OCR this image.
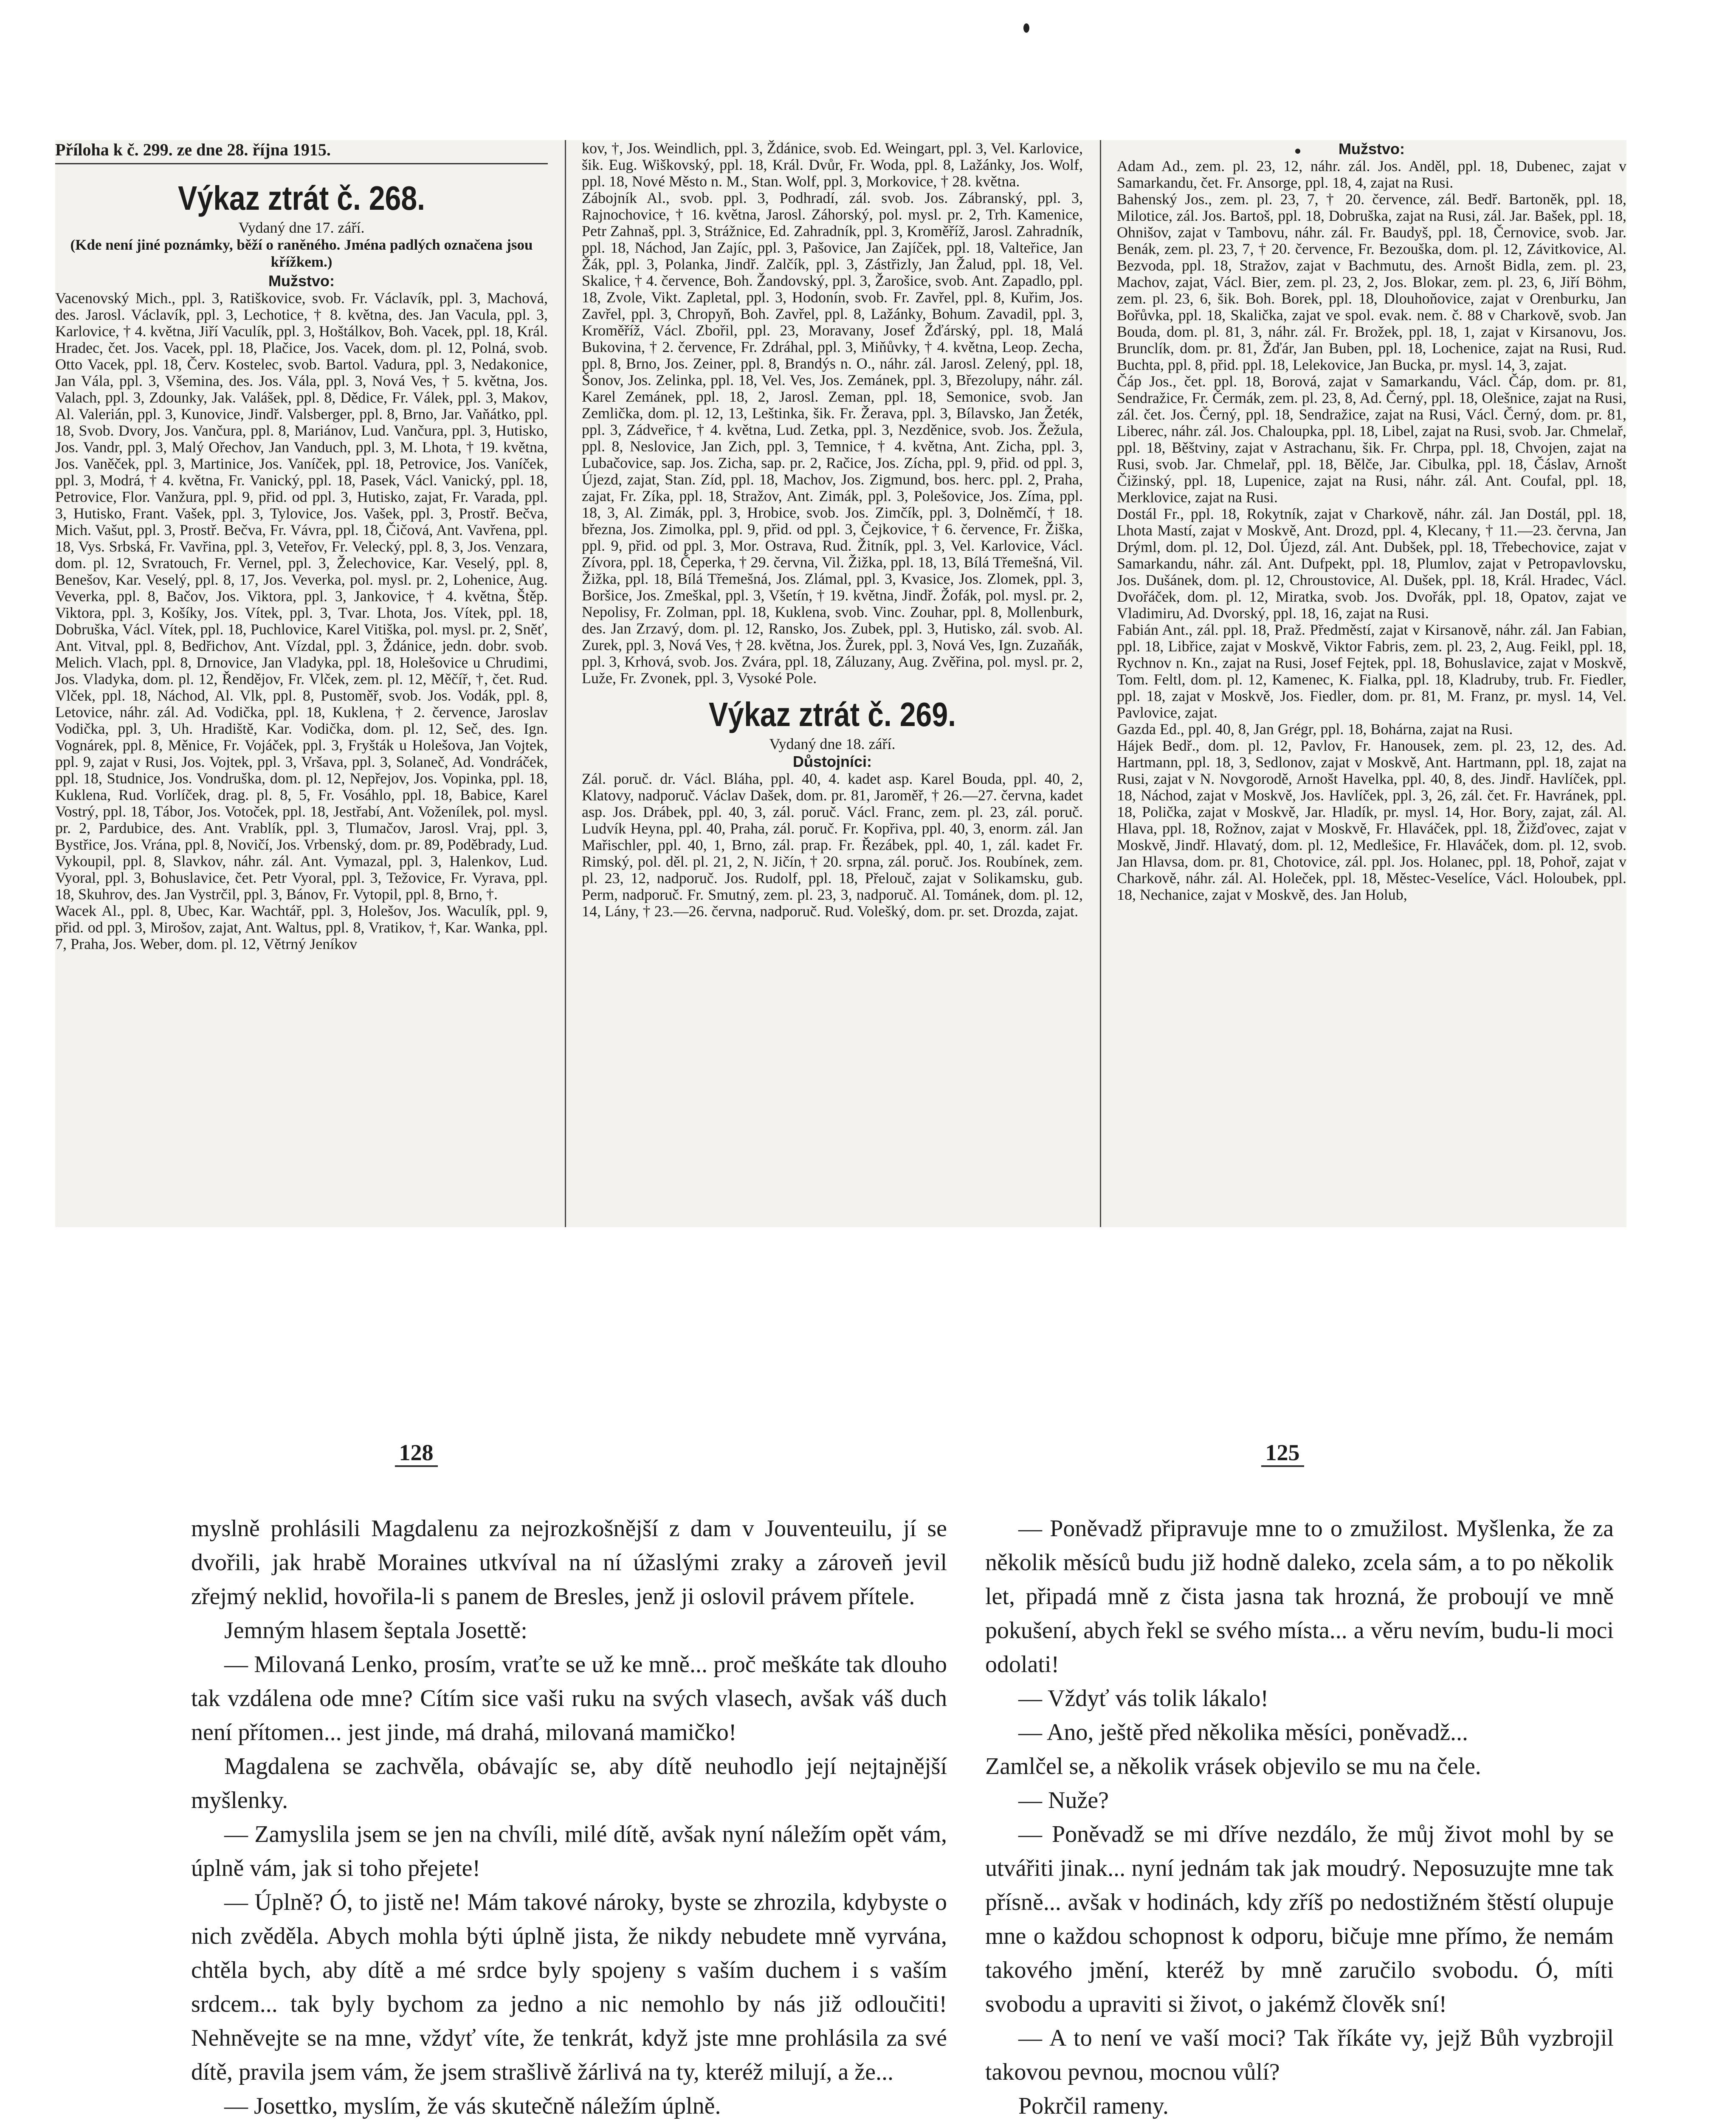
Příloha k č. 299. ze dne 28. října 1915.
Výkaz ztrát č. 268.
Vydaný dne 17. září.
(Kde není jiné poznámky, běží o raněného. Jména padlých označena jsou křížkem.)
Mužstvo:

Vacenovský Mich., ppl. 3, Ratiškovice, svob. Fr. Václavík, ppl. 3, Machová, des. Jarosl. Václavík, ppl. 3, Lechotice, † 8. května, des. Jan Vacula, ppl. 3, Karlovice, † 4. května, Jiří Vaculík, ppl. 3, Hoštálkov, Boh. Vacek, ppl. 18, Král. Hradec, čet. Jos. Vacek, ppl. 18, Plačice, Jos. Vacek, dom. pl. 12, Polná, svob. Otto Vacek, ppl. 18, Červ. Kostelec, svob. Bartol. Vadura, ppl. 3, Nedakonice, Jan Vála, ppl. 3, Všemina, des. Jos. Vála, ppl. 3, Nová Ves, † 5. května, Jos. Valach, ppl. 3, Zdounky, Jak. Valášek, ppl. 8, Dědice, Fr. Válek, ppl. 3, Makov, Al. Valerián, ppl. 3, Kunovice, Jindř. Valsberger, ppl. 8, Brno, Jar. Vaňátko, ppl. 18, Svob. Dvory, Jos. Vančura, ppl. 8, Mariánov, Lud. Vančura, ppl. 3, Hutisko, Jos. Vandr, ppl. 3, Malý Ořechov, Jan Vanduch, ppl. 3, M. Lhota, † 19. května, Jos. Vaněček, ppl. 3, Martinice, Jos. Vaníček, ppl. 18, Petrovice, Jos. Vaníček, ppl. 3, Modrá, † 4. května, Fr. Vanický, ppl. 18, Pasek, Václ. Vanický, ppl. 18, Petrovice, Flor. Vanžura, ppl. 9, přid. od ppl. 3, Hutisko, zajat, Fr. Varada, ppl. 3, Hutisko, Frant. Vašek, ppl. 3, Tylovice, Jos. Vašek, ppl. 3, Prostř. Bečva, Mich. Vašut, ppl. 3, Prostř. Bečva, Fr. Vávra, ppl. 18, Čičová, Ant. Vavřena, ppl. 18, Vys. Srbská, Fr. Vavřina, ppl. 3, Veteřov, Fr. Velecký, ppl. 8, 3, Jos. Venzara, dom. pl. 12, Svratouch, Fr. Vernel, ppl. 3, Želechovice, Kar. Veselý, ppl. 8, Benešov, Kar. Veselý, ppl. 8, 17, Jos. Veverka, pol. mysl. pr. 2, Lohenice, Aug. Veverka, ppl. 8, Bačov, Jos. Viktora, ppl. 3, Jankovice, † 4. května, Štěp. Viktora, ppl. 3, Košíky, Jos. Vítek, ppl. 3, Tvar. Lhota, Jos. Vítek, ppl. 18, Dobruška, Václ. Vítek, ppl. 18, Puchlovice, Karel Vitiška, pol. mysl. pr. 2, Sněť, Ant. Vitval, ppl. 8, Bedřichov, Ant. Vízdal, ppl. 3, Ždánice, jedn. dobr. svob. Melich. Vlach, ppl. 8, Drnovice, Jan Vladyka, ppl. 18, Holešovice u Chrudimi, Jos. Vladyka, dom. pl. 12, Řendějov, Fr. Vlček, zem. pl. 12, Měčíř, †, čet. Rud. Vlček, ppl. 18, Náchod, Al. Vlk, ppl. 8, Pustoměř, svob. Jos. Vodák, ppl. 8, Letovice, náhr. zál. Ad. Vodička, ppl. 18, Kuklena, † 2. července, Jaroslav Vodička, ppl. 3, Uh. Hradiště, Kar. Vodička, dom. pl. 12, Seč, des. Ign. Vognárek, ppl. 8, Měnice, Fr. Vojáček, ppl. 3, Fryšták u Holešova, Jan Vojtek, ppl. 9, zajat v Rusi, Jos. Vojtek, ppl. 3, Vršava, ppl. 3, Solaneč, Ad. Vondráček, ppl. 18, Studnice, Jos. Vondruška, dom. pl. 12, Nepřejov, Jos. Vopinka, ppl. 18, Kuklena, Rud. Vorlíček, drag. pl. 8, 5, Fr. Vosáhlo, ppl. 18, Babice, Karel Vostrý, ppl. 18, Tábor, Jos. Votoček, ppl. 18, Jestřabí, Ant. Voženílek, pol. mysl. pr. 2, Pardubice, des. Ant. Vrablík, ppl. 3, Tlumačov, Jarosl. Vraj, ppl. 3, Bystřice, Jos. Vrána, ppl. 8, Novičí, Jos. Vrbenský, dom. pr. 89, Poděbrady, Lud. Vykoupil, ppl. 8, Slavkov, náhr. zál. Ant. Vymazal, ppl. 3, Halenkov, Lud. Vyoral, ppl. 3, Bohuslavice, čet. Petr Vyoral, ppl. 3, Težovice, Fr. Vyrava, ppl. 18, Skuhrov, des. Jan Vystrčil, ppl. 3, Bánov, Fr. Vytopil, ppl. 8, Brno, †.

Wacek Al., ppl. 8, Ubec, Kar. Wachtář, ppl. 3, Holešov, Jos. Waculík, ppl. 9, přid. od ppl. 3, Mirošov, zajat, Ant. Waltus, ppl. 8, Vratikov, †, Kar. Wanka, ppl. 7, Praha, Jos. Weber, dom. pl. 12, Větrný Jeníkov

kov, †, Jos. Weindlich, ppl. 3, Ždánice, svob. Ed. Weingart, ppl. 3, Vel. Karlovice, šik. Eug. Wiškovský, ppl. 18, Král. Dvůr, Fr. Woda, ppl. 8, Lažánky, Jos. Wolf, ppl. 18, Nové Město n. M., Stan. Wolf, ppl. 3, Morkovice, † 28. května.

Zábojník Al., svob. ppl. 3, Podhradí, zál. svob. Jos. Zábranský, ppl. 3, Rajnochovice, † 16. května, Jarosl. Záhorský, pol. mysl. pr. 2, Trh. Kamenice, Petr Zahnaš, ppl. 3, Strážnice, Ed. Zahradník, ppl. 3, Kroměříž, Jarosl. Zahradník, ppl. 18, Náchod, Jan Zajíc, ppl. 3, Pašovice, Jan Zajíček, ppl. 18, Valteřice, Jan Žák, ppl. 3, Polanka, Jindř. Zalčík, ppl. 3, Zástřizly, Jan Žalud, ppl. 18, Vel. Skalice, † 4. července, Boh. Žandovský, ppl. 3, Žarošice, svob. Ant. Zapadlo, ppl. 18, Zvole, Vikt. Zapletal, ppl. 3, Hodonín, svob. Fr. Zavřel, ppl. 8, Kuřim, Jos. Zavřel, ppl. 3, Chropyň, Boh. Zavřel, ppl. 8, Lažánky, Bohum. Zavadil, ppl. 3, Kroměříž, Václ. Zbořil, ppl. 23, Moravany, Josef Žďárský, ppl. 18, Malá Bukovina, † 2. července, Fr. Zdráhal, ppl. 3, Miňůvky, † 4. května, Leop. Zecha, ppl. 8, Brno, Jos. Zeiner, ppl. 8, Brandýs n. O., náhr. zál. Jarosl. Zelený, ppl. 18, Šonov, Jos. Zelinka, ppl. 18, Vel. Ves, Jos. Zemánek, ppl. 3, Březolupy, náhr. zál. Karel Zemánek, ppl. 18, 2, Jarosl. Zeman, ppl. 18, Semonice, svob. Jan Zemlička, dom. pl. 12, 13, Leštinka, šik. Fr. Žerava, ppl. 3, Bílavsko, Jan Žeték, ppl. 3, Zádveřice, † 4. května, Lud. Zetka, ppl. 3, Nezděnice, svob. Jos. Žežula, ppl. 8, Neslovice, Jan Zich, ppl. 3, Temnice, † 4. května, Ant. Zicha, ppl. 3, Lubačovice, sap. Jos. Zicha, sap. pr. 2, Račice, Jos. Zícha, ppl. 9, přid. od ppl. 3, Újezd, zajat, Stan. Zíd, ppl. 18, Machov, Jos. Zigmund, bos. herc. ppl. 2, Praha, zajat, Fr. Zíka, ppl. 18, Stražov, Ant. Zimák, ppl. 3, Polešovice, Jos. Zíma, ppl. 18, 3, Al. Zimák, ppl. 3, Hrobice, svob. Jos. Zimčík, ppl. 3, Dolněmčí, † 18. března, Jos. Zimolka, ppl. 9, přid. od ppl. 3, Čejkovice, † 6. července, Fr. Žiška, ppl. 9, přid. od ppl. 3, Mor. Ostrava, Rud. Žitník, ppl. 3, Vel. Karlovice, Václ. Zívora, ppl. 18, Čeperka, † 29. června, Vil. Žižka, ppl. 18, 13, Bílá Třemešná, Vil. Žižka, ppl. 18, Bílá Třemešná, Jos. Zlámal, ppl. 3, Kvasice, Jos. Zlomek, ppl. 3, Boršice, Jos. Zmeškal, ppl. 3, Všetín, † 19. května, Jindř. Žofák, pol. mysl. pr. 2, Nepolisy, Fr. Zolman, ppl. 18, Kuklena, svob. Vinc. Zouhar, ppl. 8, Mollenburk, des. Jan Zrzavý, dom. pl. 12, Ransko, Jos. Zubek, ppl. 3, Hutisko, zál. svob. Al. Zurek, ppl. 3, Nová Ves, † 28. května, Jos. Žurek, ppl. 3, Nová Ves, Ign. Zuzaňák, ppl. 3, Krhová, svob. Jos. Zvára, ppl. 18, Záluzany, Aug. Zvěřina, pol. mysl. pr. 2, Luže, Fr. Zvonek, ppl. 3, Vysoké Pole.

Výkaz ztrát č. 269.
Vydaný dne 18. září.
Důstojníci:

Zál. poruč. dr. Václ. Bláha, ppl. 40, 4. kadet asp. Karel Bouda, ppl. 40, 2, Klatovy, nadporuč. Václav Dašek, dom. pr. 81, Jaroměř, † 26.—27. června, kadet asp. Jos. Drábek, ppl. 40, 3, zál. poruč. Václ. Franc, zem. pl. 23, zál. poruč. Ludvík Heyna, ppl. 40, Praha, zál. poruč. Fr. Kopřiva, ppl. 40, 3, enorm. zál. Jan Mařischler, ppl. 40, 1, Brno, zál. prap. Fr. Řezábek, ppl. 40, 1, zál. kadet Fr. Rimský, pol. děl. pl. 21, 2, N. Jičín, † 20. srpna, zál. poruč. Jos. Roubínek, zem. pl. 23, 12, nadporuč. Jos. Rudolf, ppl. 18, Přelouč, zajat v Solikamsku, gub. Perm, nadporuč. Fr. Smutný, zem. pl. 23, 3, nadporuč. Al. Tománek, dom. pl. 12, 14, Lány, † 23.—26. června, nadporuč. Rud. Volešký, dom. pr. set. Drozda, zajat.

Mužstvo:

Adam Ad., zem. pl. 23, 12, náhr. zál. Jos. Anděl, ppl. 18, Dubenec, zajat v Samarkandu, čet. Fr. Ansorge, ppl. 18, 4, zajat na Rusi.

Bahenský Jos., zem. pl. 23, 7, † 20. července, zál. Bedř. Bartoněk, ppl. 18, Milotice, zál. Jos. Bartoš, ppl. 18, Dobruška, zajat na Rusi, zál. Jar. Bašek, ppl. 18, Ohnišov, zajat v Tambovu, náhr. zál. Fr. Baudyš, ppl. 18, Černovice, svob. Jar. Benák, zem. pl. 23, 7, † 20. července, Fr. Bezouška, dom. pl. 12, Závitkovice, Al. Bezvoda, ppl. 18, Stražov, zajat v Bachmutu, des. Arnošt Bidla, zem. pl. 23, Machov, zajat, Václ. Bier, zem. pl. 23, 2, Jos. Blokar, zem. pl. 23, 6, Jiří Böhm, zem. pl. 23, 6, šik. Boh. Borek, ppl. 18, Dlouhoňovice, zajat v Orenburku, Jan Bořůvka, ppl. 18, Skalička, zajat ve spol. evak. nem. č. 88 v Charkově, svob. Jan Bouda, dom. pl. 81, 3, náhr. zál. Fr. Brožek, ppl. 18, 1, zajat v Kirsanovu, Jos. Brunclík, dom. pr. 81, Žďár, Jan Buben, ppl. 18, Lochenice, zajat na Rusi, Rud. Buchta, ppl. 8, přid. ppl. 18, Lelekovice, Jan Bucka, pr. mysl. 14, 3, zajat.

Čáp Jos., čet. ppl. 18, Borová, zajat v Samarkandu, Václ. Čáp, dom. pr. 81, Sendražice, Fr. Čermák, zem. pl. 23, 8, Ad. Černý, ppl. 18, Olešnice, zajat na Rusi, zál. čet. Jos. Černý, ppl. 18, Sendražice, zajat na Rusi, Václ. Černý, dom. pr. 81, Liberec, náhr. zál. Jos. Chaloupka, ppl. 18, Libel, zajat na Rusi, svob. Jar. Chmelař, ppl. 18, Běštviny, zajat v Astrachanu, šik. Fr. Chrpa, ppl. 18, Chvojen, zajat na Rusi, svob. Jar. Chmelař, ppl. 18, Bělče, Jar. Cibulka, ppl. 18, Čáslav, Arnošt Čižinský, ppl. 18, Lupenice, zajat na Rusi, náhr. zál. Ant. Coufal, ppl. 18, Merklovice, zajat na Rusi.

Dostál Fr., ppl. 18, Rokytník, zajat v Charkově, náhr. zál. Jan Dostál, ppl. 18, Lhota Mastí, zajat v Moskvě, Ant. Drozd, ppl. 4, Klecany, † 11.—23. června, Jan Drýml, dom. pl. 12, Dol. Újezd, zál. Ant. Dubšek, ppl. 18, Třebechovice, zajat v Samarkandu, náhr. zál. Ant. Dufpekt, ppl. 18, Plumlov, zajat v Petropavlovsku, Jos. Dušánek, dom. pl. 12, Chroustovice, Al. Dušek, ppl. 18, Král. Hradec, Václ. Dvořáček, dom. pl. 12, Miratka, svob. Jos. Dvořák, ppl. 18, Opatov, zajat ve Vladimiru, Ad. Dvorský, ppl. 18, 16, zajat na Rusi.

Fabián Ant., zál. ppl. 18, Praž. Předměstí, zajat v Kirsanově, náhr. zál. Jan Fabian, ppl. 18, Libřice, zajat v Moskvě, Viktor Fabris, zem. pl. 23, 2, Aug. Feikl, ppl. 18, Rychnov n. Kn., zajat na Rusi, Josef Fejtek, ppl. 18, Bohuslavice, zajat v Moskvě, Tom. Feltl, dom. pl. 12, Kamenec, K. Fialka, ppl. 18, Kladruby, trub. Fr. Fiedler, ppl. 18, zajat v Moskvě, Jos. Fiedler, dom. pr. 81, M. Franz, pr. mysl. 14, Vel. Pavlovice, zajat.

Gazda Ed., ppl. 40, 8, Jan Grégr, ppl. 18, Bohárna, zajat na Rusi.

Hájek Bedř., dom. pl. 12, Pavlov, Fr. Hanousek, zem. pl. 23, 12, des. Ad. Hartmann, ppl. 18, 3, Sedlonov, zajat v Moskvě, Ant. Hartmann, ppl. 18, zajat na Rusi, zajat v N. Novgorodě, Arnošt Havelka, ppl. 40, 8, des. Jindř. Havlíček, ppl. 18, Náchod, zajat v Moskvě, Jos. Havlíček, ppl. 3, 26, zál. čet. Fr. Havránek, ppl. 18, Polička, zajat v Moskvě, Jar. Hladík, pr. mysl. 14, Hor. Bory, zajat, zál. Al. Hlava, ppl. 18, Rožnov, zajat v Moskvě, Fr. Hlaváček, ppl. 18, Žižďovec, zajat v Moskvě, Jindř. Hlavatý, dom. pl. 12, Medlešice, Fr. Hlaváček, dom. pl. 12, svob. Jan Hlavsa, dom. pr. 81, Chotovice, zál. ppl. Jos. Holanec, ppl. 18, Pohoř, zajat v Charkově, náhr. zál. Al. Holeček, ppl. 18, Městec-Veselíce, Václ. Holoubek, ppl. 18, Nechanice, zajat v Moskvě, des. Jan Holub,

128	125

myslně prohlásili Magdalenu za nejrozkošnější z dam v Jouventeuilu, jí se dvořili, jak hrabě Moraines utkvíval na ní úžaslými zraky a zároveň jevil zřejmý neklid, hovořila-li s panem de Bresles, jenž ji oslovil právem přítele.

Jemným hlasem šeptala Josettě:

— Milovaná Lenko, prosím, vraťte se už ke mně... proč meškáte tak dlouho tak vzdálena ode mne? Cítím sice vaši ruku na svých vlasech, avšak váš duch není přítomen... jest jinde, má drahá, milovaná mamičko!

Magdalena se zachvěla, obávajíc se, aby dítě neuhodlo její nejtajnější myšlenky.

— Zamyslila jsem se jen na chvíli, milé dítě, avšak nyní náležím opět vám, úplně vám, jak si toho přejete!

— Úplně? Ó, to jistě ne! Mám takové nároky, byste se zhrozila, kdybyste o nich zvěděla. Abych mohla býti úplně jista, že nikdy nebudete mně vyrvána, chtěla bych, aby dítě a mé srdce byly spojeny s vaším duchem i s vaším srdcem... tak byly bychom za jedno a nic nemohlo by nás již odloučiti! Nehněvejte se na mne, vždyť víte, že tenkrát, když jste mne prohlásila za své dítě, pravila jsem vám, že jsem strašlivě žárlivá na ty, kteréž milují, a že...

— Josettko, myslím, že vás skutečně náležím úplně.

— Poněvadž připravuje mne to o zmužilost. Myšlenka, že za několik měsíců budu již hodně daleko, zcela sám, a to po několik let, připadá mně z čista jasna tak hrozná, že proboují ve mně pokušení, abych řekl se svého místa... a věru nevím, budu-li moci odolati!

— Vždyť vás tolik lákalo!

— Ano, ještě před několika měsíci, poněvadž...

Zamlčel se, a několik vrásek objevilo se mu na čele.

— Nuže?

— Poněvadž se mi dříve nezdálo, že můj život mohl by se utvářiti jinak... nyní jednám tak jak moudrý. Neposuzujte mne tak přísně... avšak v hodinách, kdy zříš po nedostižném štěstí olupuje mne o každou schopnost k odporu, bičuje mne přímo, že nemám takového jmění, kteréž by mně zaručilo svobodu. Ó, míti svobodu a upraviti si život, o jakémž člověk sní!

— A to není ve vaší moci? Tak říkáte vy, jejž Bůh vyzbrojil takovou pevnou, mocnou vůlí?

Pokrčil rameny.
